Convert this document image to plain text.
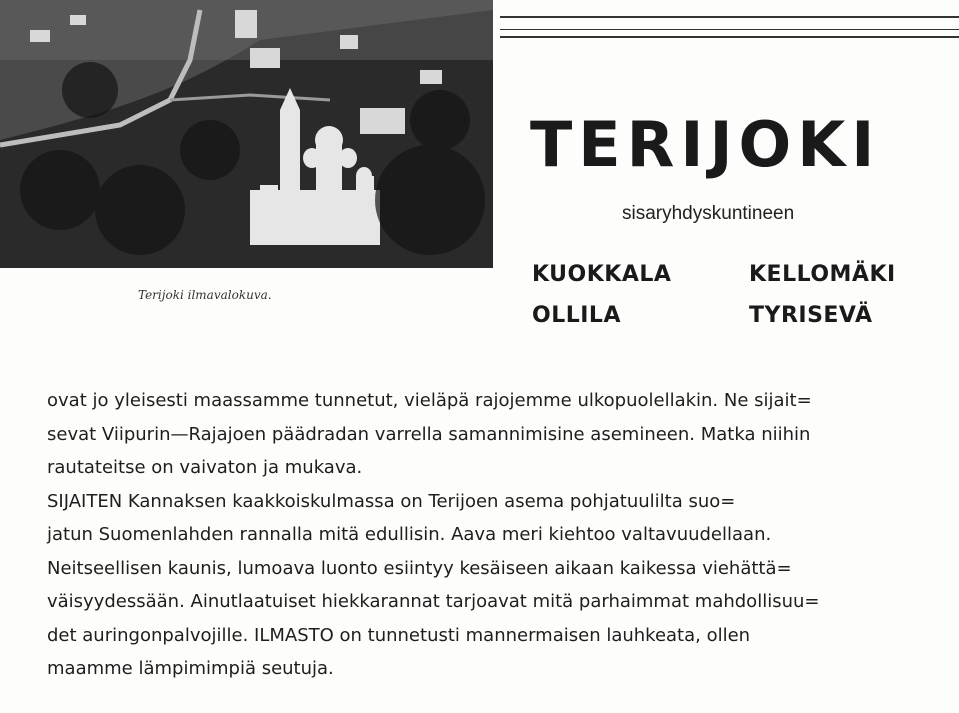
Terijoki ilmavalokuva.
TERIJOKI
sisaryhdyskuntineen
KUOKKALA	KELLOMÄKI
OLLILA	TYRISEVÄ

ovat jo yleisesti maassamme tunnetut, vieläpä rajojemme ulkopuolellakin. Ne sijait=

sevat Viipurin—Rajajoen päädradan varrella samannimisine asemineen. Matka niihin

rautateitse on vaivaton ja mukava.

SIJAITEN Kannaksen kaakkoiskulmassa on Terijoen asema pohjatuulilta suo=

jatun Suomenlahden rannalla mitä edullisin. Aava meri kiehtoo valtavuudellaan.

Neitseellisen kaunis, lumoava luonto esiintyy kesäiseen aikaan kaikessa viehättä=

väisyydessään. Ainutlaatuiset hiekkarannat tarjoavat mitä parhaimmat mahdollisuu=

det auringonpalvojille. ILMASTO on tunnetusti mannermaisen lauhkeata, ollen

maamme lämpimimpiä seutuja.
